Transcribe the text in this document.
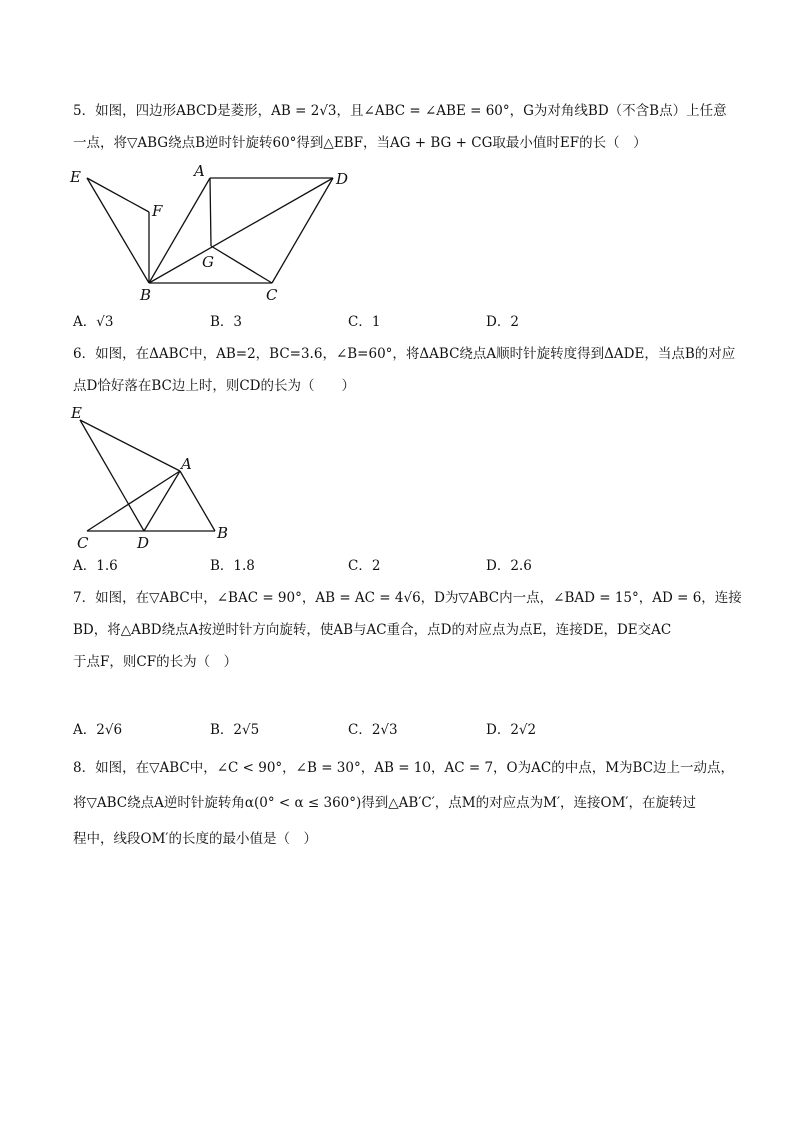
5．如图，四边形ABCD是菱形，AB = 2√3，且∠ABC = ∠ABE = 60°，G为对角线BD（不含B点）上任意
一点，将▽ABG绕点B逆时针旋转60°得到△EBF，当AG + BG + CG取最小值时EF的长（　）
E	A	D
F
G
B	C
A．√3	B．3	C．1	D．2
6．如图，在ΔABC中，AB=2，BC=3.6，∠B=60°，将ΔABC绕点A顺时针旋转度得到ΔADE，当点B的对应
点D恰好落在BC边上时，则CD的长为（　　）
E
A
C	D
B
A．1.6	B．1.8	C．2	D．2.6
7．如图，在▽ABC中，∠BAC = 90°，AB = AC = 4√6，D为▽ABC内一点，∠BAD = 15°，AD = 6，连接
BD，将△ABD绕点A按逆时针方向旋转，使AB与AC重合，点D的对应点为点E，连接DE，DE交AC
于点F，则CF的长为（　）
A．2√6	B．2√5	C．2√3	D．2√2
8．如图，在▽ABC中，∠C < 90°，∠B = 30°，AB = 10，AC = 7，O为AC的中点，M为BC边上一动点，
将▽ABC绕点A逆时针旋转角α(0° < α ≤ 360°)得到△AB′C′，点M的对应点为M′，连接OM′，在旋转过
程中，线段OM′的长度的最小值是（　）
